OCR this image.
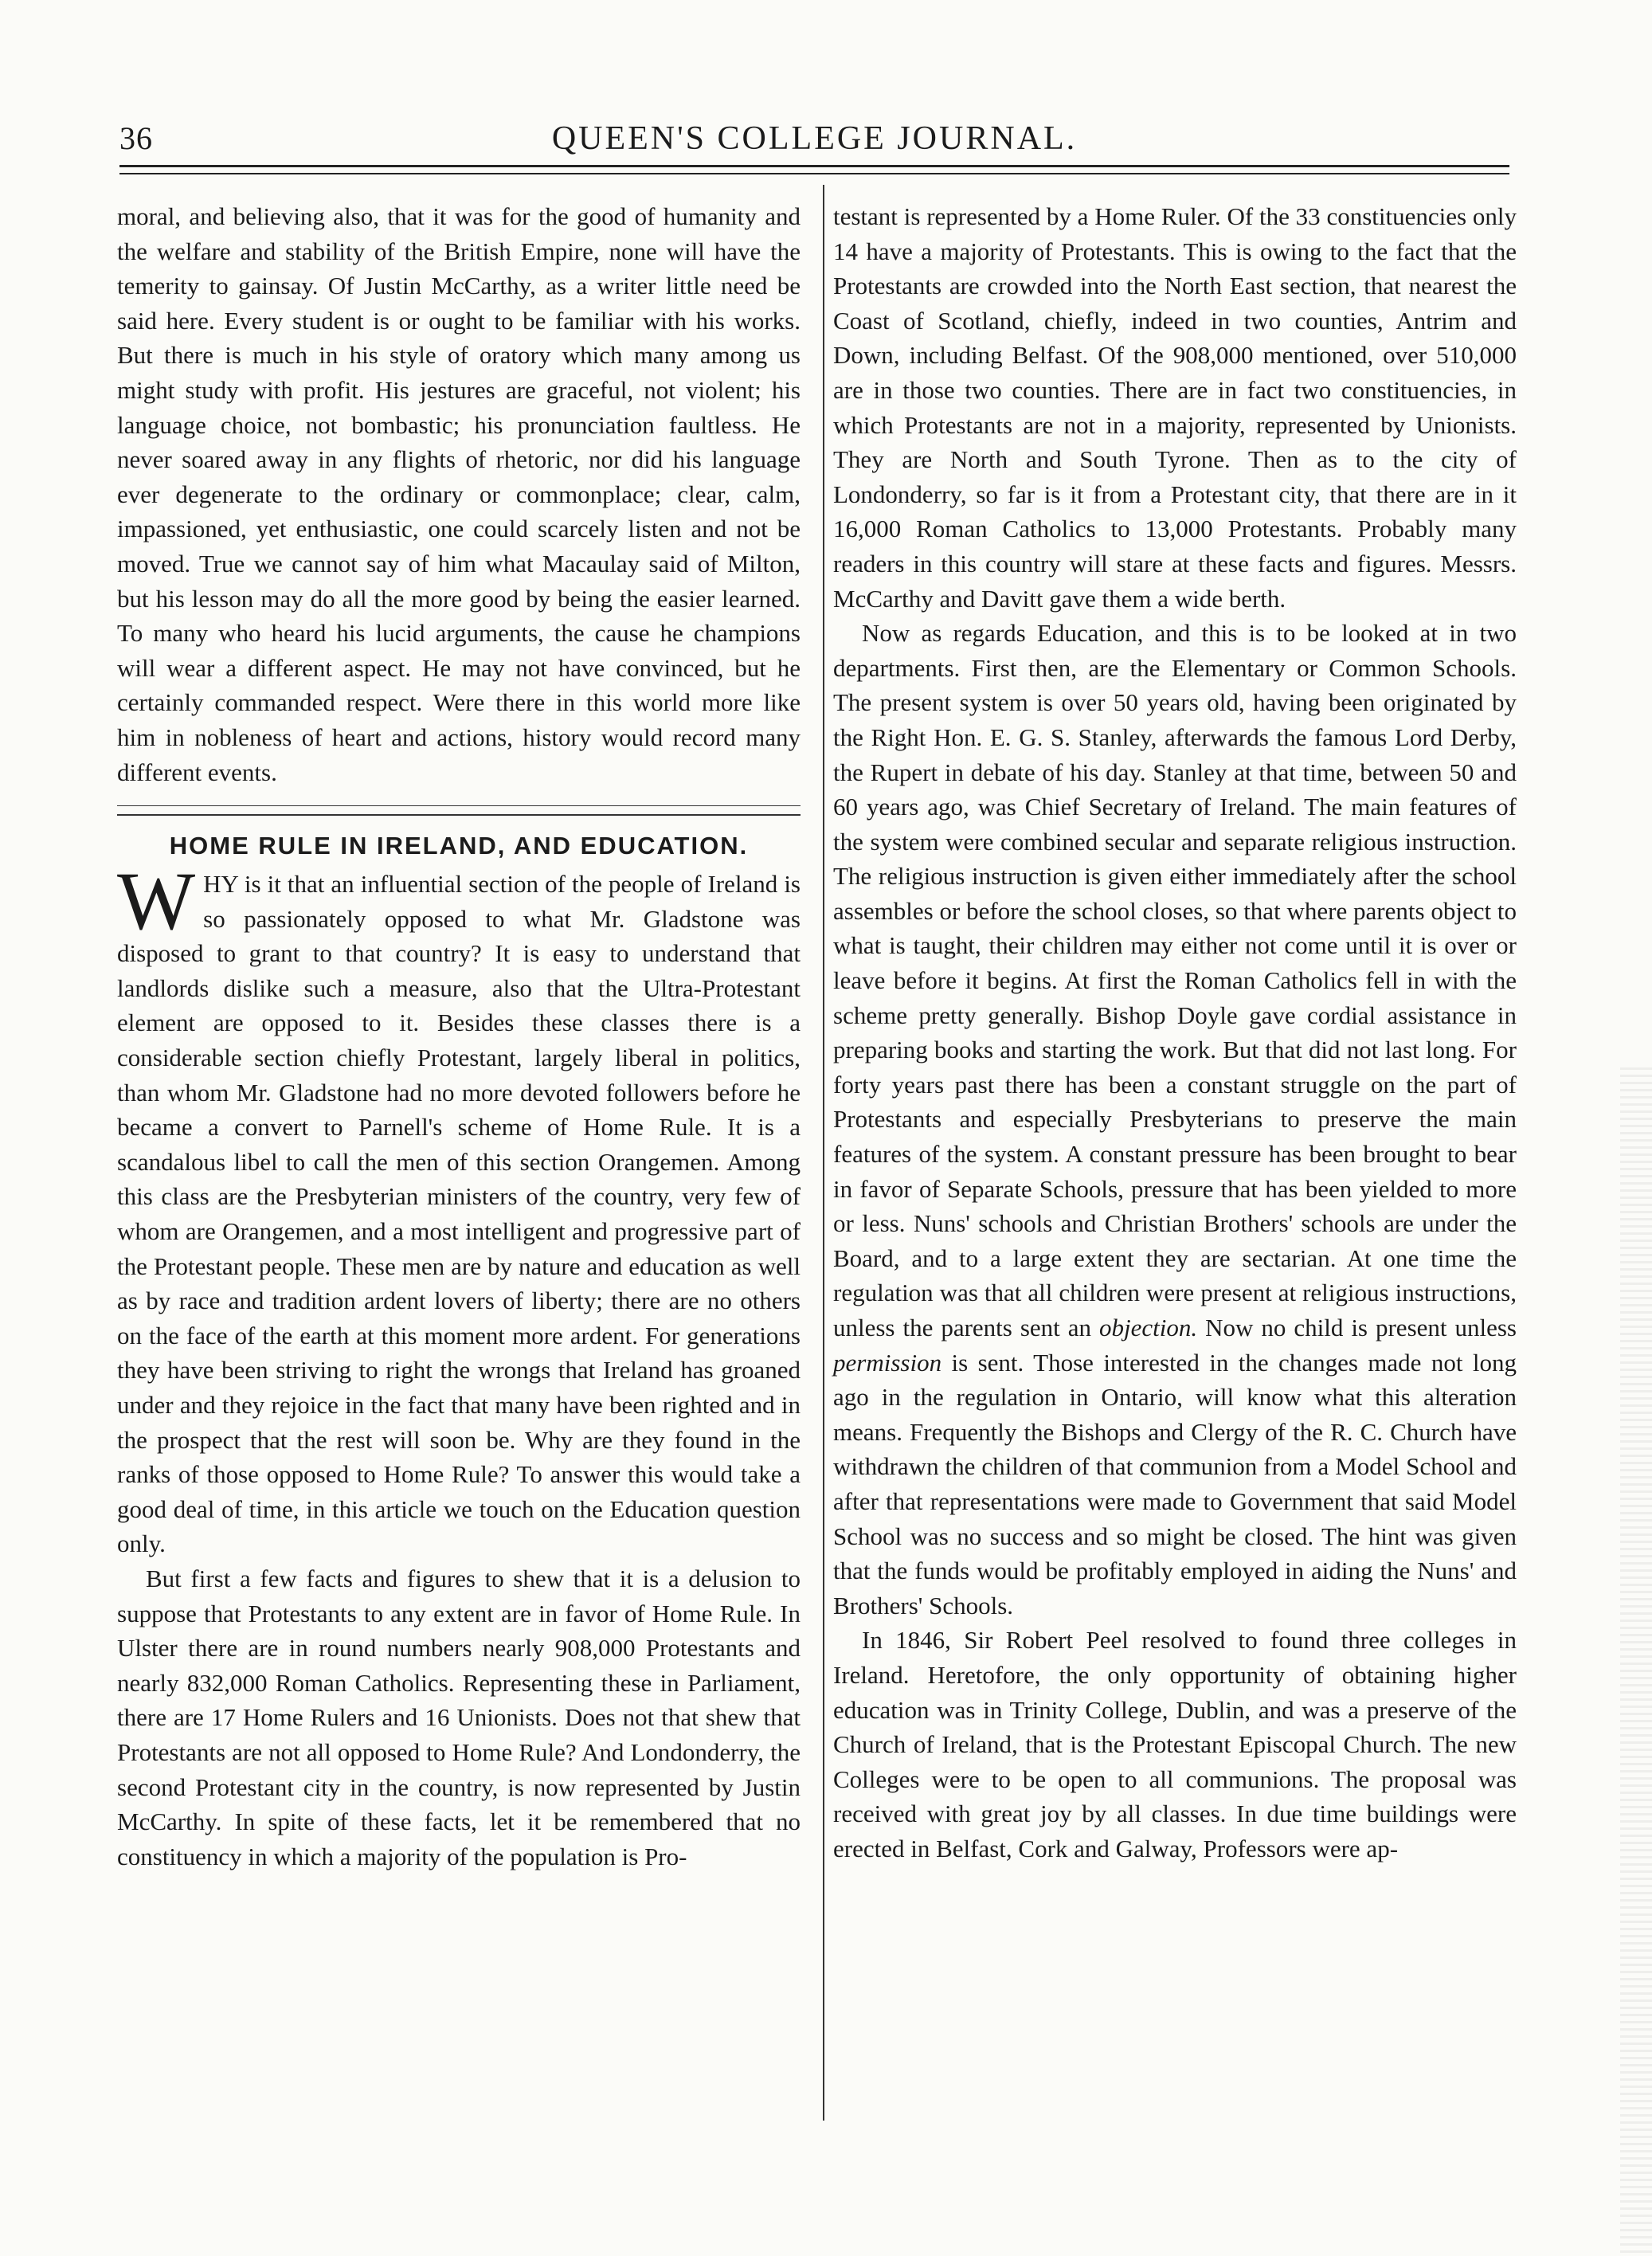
36	QUEEN'S COLLEGE JOURNAL.

moral, and believing also, that it was for the good of humanity and the welfare and stability of the British Empire, none will have the temerity to gainsay. Of Justin McCarthy, as a writer little need be said here. Every student is or ought to be familiar with his works. But there is much in his style of oratory which many among us might study with profit. His jestures are graceful, not violent; his language choice, not bombastic; his pronunciation faultless. He never soared away in any flights of rhetoric, nor did his language ever degenerate to the ordinary or commonplace; clear, calm, impassioned, yet enthusiastic, one could scarcely listen and not be moved. True we cannot say of him what Macaulay said of Milton, but his lesson may do all the more good by being the easier learned. To many who heard his lucid arguments, the cause he champions will wear a different aspect. He may not have convinced, but he certainly commanded respect. Were there in this world more like him in nobleness of heart and actions, history would record many different events.

HOME RULE IN IRELAND, AND EDUCATION.

WHY is it that an influential section of the people of Ireland is so passionately opposed to what Mr. Gladstone was disposed to grant to that country? It is easy to understand that landlords dislike such a measure, also that the Ultra-Protestant element are opposed to it. Besides these classes there is a considerable section chiefly Protestant, largely liberal in politics, than whom Mr. Gladstone had no more devoted followers before he became a convert to Parnell's scheme of Home Rule. It is a scandalous libel to call the men of this section Orangemen. Among this class are the Presbyterian ministers of the country, very few of whom are Orangemen, and a most intelligent and progressive part of the Protestant people. These men are by nature and education as well as by race and tradition ardent lovers of liberty; there are no others on the face of the earth at this moment more ardent. For generations they have been striving to right the wrongs that Ireland has groaned under and they rejoice in the fact that many have been righted and in the prospect that the rest will soon be. Why are they found in the ranks of those opposed to Home Rule? To answer this would take a good deal of time, in this article we touch on the Education question only.

But first a few facts and figures to shew that it is a delusion to suppose that Protestants to any extent are in favor of Home Rule. In Ulster there are in round numbers nearly 908,000 Protestants and nearly 832,000 Roman Catholics. Representing these in Parliament, there are 17 Home Rulers and 16 Unionists. Does not that shew that Protestants are not all opposed to Home Rule? And Londonderry, the second Protestant city in the country, is now represented by Justin McCarthy. In spite of these facts, let it be remembered that no constituency in which a majority of the population is Pro-

testant is represented by a Home Ruler. Of the 33 constituencies only 14 have a majority of Protestants. This is owing to the fact that the Protestants are crowded into the North East section, that nearest the Coast of Scotland, chiefly, indeed in two counties, Antrim and Down, including Belfast. Of the 908,000 mentioned, over 510,000 are in those two counties. There are in fact two constituencies, in which Protestants are not in a majority, represented by Unionists. They are North and South Tyrone. Then as to the city of Londonderry, so far is it from a Protestant city, that there are in it 16,000 Roman Catholics to 13,000 Protestants. Probably many readers in this country will stare at these facts and figures. Messrs. McCarthy and Davitt gave them a wide berth.

Now as regards Education, and this is to be looked at in two departments. First then, are the Elementary or Common Schools. The present system is over 50 years old, having been originated by the Right Hon. E. G. S. Stanley, afterwards the famous Lord Derby, the Rupert in debate of his day. Stanley at that time, between 50 and 60 years ago, was Chief Secretary of Ireland. The main features of the system were combined secular and separate religious instruction. The religious instruction is given either immediately after the school assembles or before the school closes, so that where parents object to what is taught, their children may either not come until it is over or leave before it begins. At first the Roman Catholics fell in with the scheme pretty generally. Bishop Doyle gave cordial assistance in preparing books and starting the work. But that did not last long. For forty years past there has been a constant struggle on the part of Protestants and especially Presbyterians to preserve the main features of the system. A constant pressure has been brought to bear in favor of Separate Schools, pressure that has been yielded to more or less. Nuns' schools and Christian Brothers' schools are under the Board, and to a large extent they are sectarian. At one time the regulation was that all children were present at religious instructions, unless the parents sent an objection. Now no child is present unless permission is sent. Those interested in the changes made not long ago in the regulation in Ontario, will know what this alteration means. Frequently the Bishops and Clergy of the R. C. Church have withdrawn the children of that communion from a Model School and after that representations were made to Government that said Model School was no success and so might be closed. The hint was given that the funds would be profitably employed in aiding the Nuns' and Brothers' Schools.

In 1846, Sir Robert Peel resolved to found three colleges in Ireland. Heretofore, the only opportunity of obtaining higher education was in Trinity College, Dublin, and was a preserve of the Church of Ireland, that is the Protestant Episcopal Church. The new Colleges were to be open to all communions. The proposal was received with great joy by all classes. In due time buildings were erected in Belfast, Cork and Galway, Professors were ap-
